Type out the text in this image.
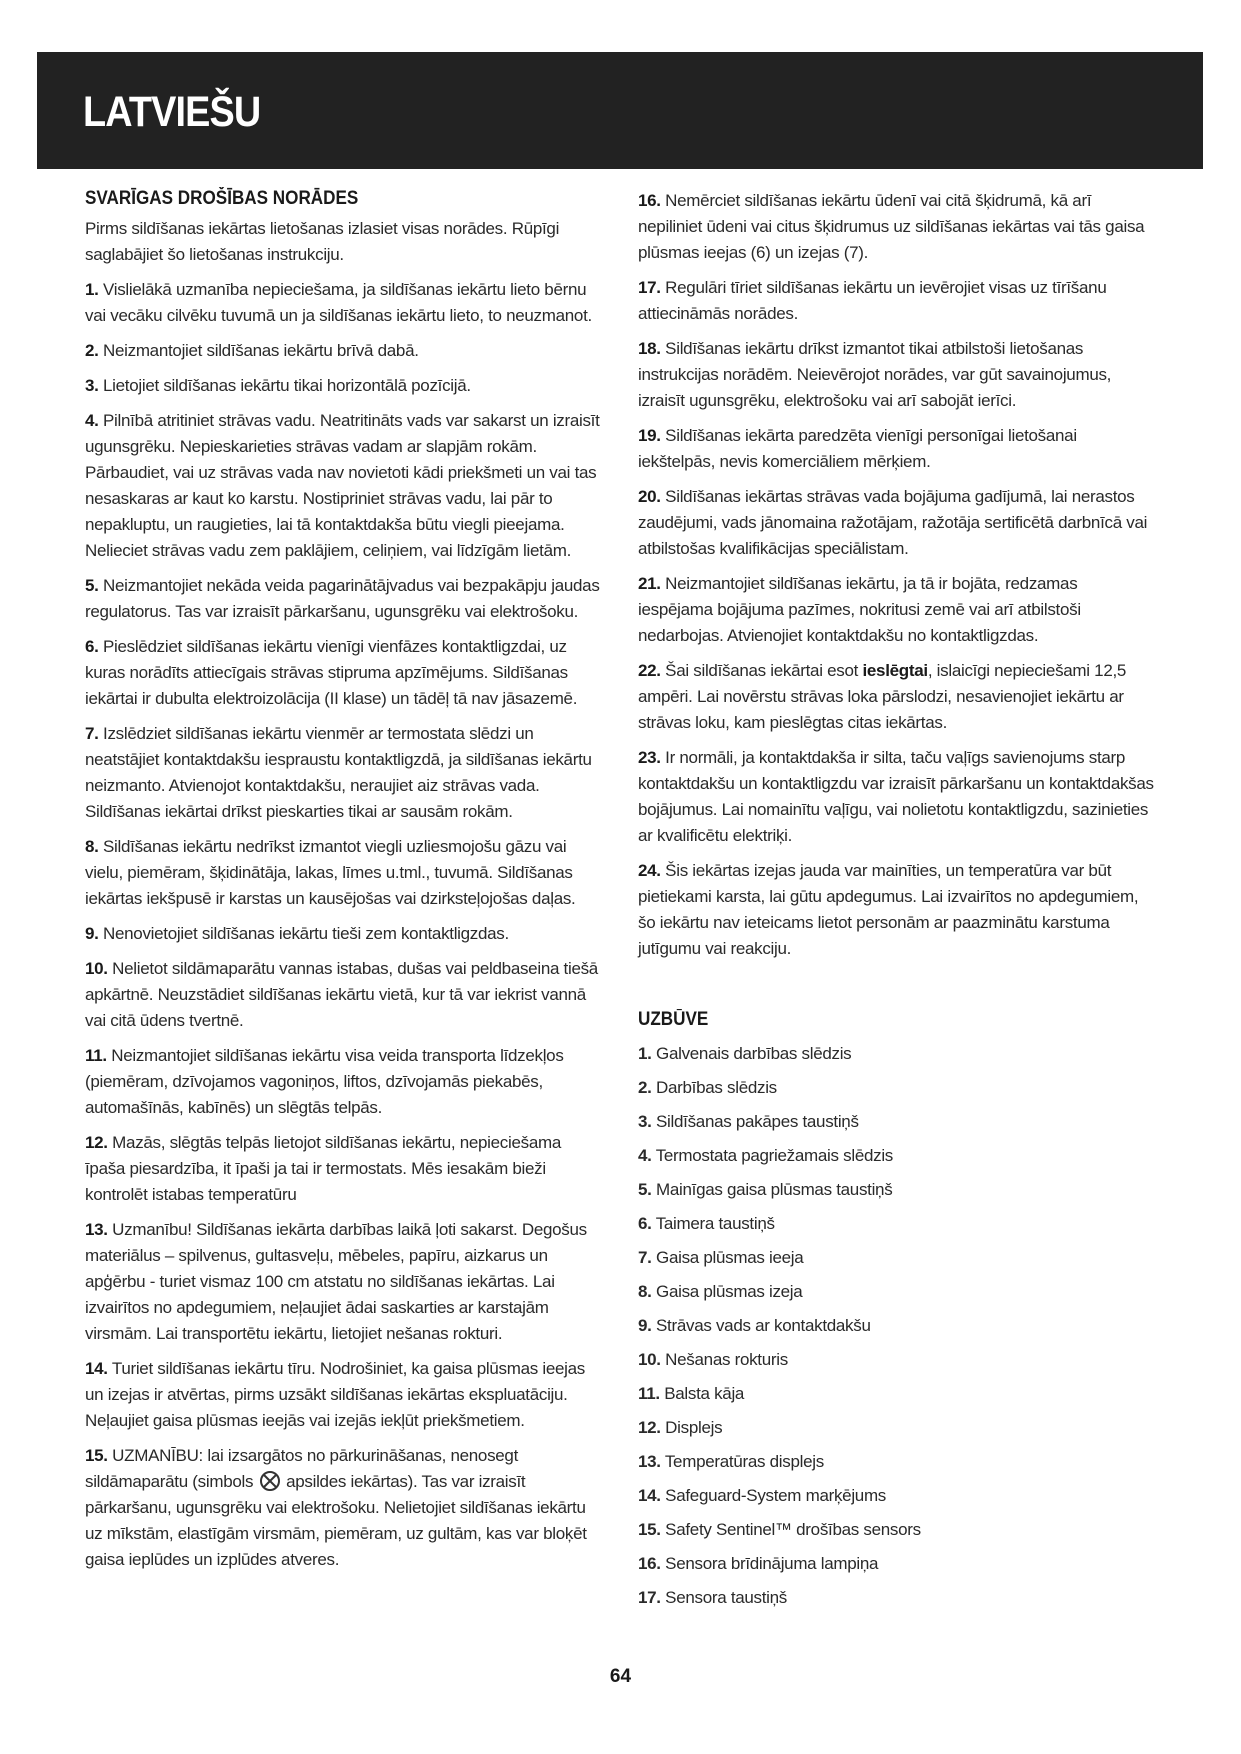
LATVIEŠU
SVARĪGAS DROŠĪBAS NORĀDES

Pirms sildīšanas iekārtas lietošanas izlasiet visas norādes. Rūpīgi saglabājiet šo lietošanas instrukciju.

1. Vislielākā uzmanība nepieciešama, ja sildīšanas iekārtu lieto bērnu vai vecāku cilvēku tuvumā un ja sildīšanas iekārtu lieto, to neuzmanot.

2. Neizmantojiet sildīšanas iekārtu brīvā dabā.

3. Lietojiet sildīšanas iekārtu tikai horizontālā pozīcijā.

4. Pilnībā atritiniet strāvas vadu. Neatritināts vads var sakarst un izraisīt ugunsgrēku. Nepieskarieties strāvas vadam ar slapjām rokām. Pārbaudiet, vai uz strāvas vada nav novietoti kādi priekšmeti un vai tas nesaskaras ar kaut ko karstu. Nostipriniet strāvas vadu, lai pār to nepakluptu, un raugieties, lai tā kontaktdakša būtu viegli pieejama. Nelieciet strāvas vadu zem paklājiem, celiņiem, vai līdzīgām lietām.

5. Neizmantojiet nekāda veida pagarinātājvadus vai bezpakāpju jaudas regulatorus. Tas var izraisīt pārkaršanu, ugunsgrēku vai elektrošoku.

6. Pieslēdziet sildīšanas iekārtu vienīgi vienfāzes kontaktligzdai, uz kuras norādīts attiecīgais strāvas stipruma apzīmējums. Sildīšanas iekārtai ir dubulta elektroizolācija (II klase) un tādēļ tā nav jāsazemē.

7. Izslēdziet sildīšanas iekārtu vienmēr ar termostata slēdzi un neatstājiet kontaktdakšu iespraustu kontaktligzdā, ja sildīšanas iekārtu neizmanto. Atvienojot kontaktdakšu, neraujiet aiz strāvas vada. Sildīšanas iekārtai drīkst pieskarties tikai ar sausām rokām.

8. Sildīšanas iekārtu nedrīkst izmantot viegli uzliesmojošu gāzu vai vielu, piemēram, šķidinātāja, lakas, līmes u.tml., tuvumā. Sildīšanas iekārtas iekšpusē ir karstas un kausējošas vai dzirksteļojošas daļas.

9. Nenovietojiet sildīšanas iekārtu tieši zem kontaktligzdas.

10. Nelietot sildāmaparātu vannas istabas, dušas vai peldbaseina tiešā apkārtnē. Neuzstādiet sildīšanas iekārtu vietā, kur tā var iekrist vannā vai citā ūdens tvertnē.

11. Neizmantojiet sildīšanas iekārtu visa veida transporta līdzekļos (piemēram, dzīvojamos vagoniņos, liftos, dzīvojamās piekabēs, automašīnās, kabīnēs) un slēgtās telpās.

12. Mazās, slēgtās telpās lietojot sildīšanas iekārtu, nepieciešama īpaša piesardzība, it īpaši ja tai ir termostats. Mēs iesakām bieži kontrolēt istabas temperatūru

13. Uzmanību! Sildīšanas iekārta darbības laikā ļoti sakarst. Degošus materiālus – spilvenus, gultasveļu, mēbeles, papīru, aizkarus un apģērbu - turiet vismaz 100 cm atstatu no sildīšanas iekārtas. Lai izvairītos no apdegumiem, neļaujiet ādai saskarties ar karstajām virsmām. Lai transportētu iekārtu, lietojiet nešanas rokturi.

14. Turiet sildīšanas iekārtu tīru. Nodrošiniet, ka gaisa plūsmas ieejas un izejas ir atvērtas, pirms uzsākt sildīšanas iekārtas ekspluatāciju. Neļaujiet gaisa plūsmas ieejās vai izejās iekļūt priekšmetiem.

15. UZMANĪBU: lai izsargātos no pārkurināšanas, nenosegt sildāmaparātu (simbols apsildes iekārtas). Tas var izraisīt pārkaršanu, ugunsgrēku vai elektrošoku. Nelietojiet sildīšanas iekārtu uz mīkstām, elastīgām virsmām, piemēram, uz gultām, kas var bloķēt gaisa ieplūdes un izplūdes atveres.

16. Nemērciet sildīšanas iekārtu ūdenī vai citā šķidrumā, kā arī nepiliniet ūdeni vai citus šķidrumus uz sildīšanas iekārtas vai tās gaisa plūsmas ieejas (6) un izejas (7).

17. Regulāri tīriet sildīšanas iekārtu un ievērojiet visas uz tīrīšanu attiecināmās norādes.

18. Sildīšanas iekārtu drīkst izmantot tikai atbilstoši lietošanas instrukcijas norādēm. Neievērojot norādes, var gūt savainojumus, izraisīt ugunsgrēku, elektrošoku vai arī sabojāt ierīci.

19. Sildīšanas iekārta paredzēta vienīgi personīgai lietošanai iekštelpās, nevis komerciāliem mērķiem.

20. Sildīšanas iekārtas strāvas vada bojājuma gadījumā, lai nerastos zaudējumi, vads jānomaina ražotājam, ražotāja sertificētā darbnīcā vai atbilstošas kvalifikācijas speciālistam.

21. Neizmantojiet sildīšanas iekārtu, ja tā ir bojāta, redzamas iespējama bojājuma pazīmes, nokritusi zemē vai arī atbilstoši nedarbojas. Atvienojiet kontaktdakšu no kontaktligzdas.

22. Šai sildīšanas iekārtai esot ieslēgtai, islaicīgi nepieciešami 12,5 ampēri. Lai novērstu strāvas loka pārslodzi, nesavienojiet iekārtu ar strāvas loku, kam pieslēgtas citas iekārtas.

23. Ir normāli, ja kontaktdakša ir silta, taču vaļīgs savienojums starp kontaktdakšu un kontaktligzdu var izraisīt pārkaršanu un kontaktdakšas bojājumus. Lai nomainītu vaļīgu, vai nolietotu kontaktligzdu, sazinieties ar kvalificētu elektriķi.

24. Šis iekārtas izejas jauda var mainīties, un temperatūra var būt pietiekami karsta, lai gūtu apdegumus. Lai izvairītos no apdegumiem, šo iekārtu nav ieteicams lietot personām ar paazminātu karstuma jutīgumu vai reakciju.

UZBŪVE

1. Galvenais darbības slēdzis

2. Darbības slēdzis

3. Sildīšanas pakāpes taustiņš

4. Termostata pagriežamais slēdzis

5. Mainīgas gaisa plūsmas taustiņš

6. Taimera taustiņš

7. Gaisa plūsmas ieeja

8. Gaisa plūsmas izeja

9. Strāvas vads ar kontaktdakšu

10. Nešanas rokturis

11. Balsta kāja

12. Displejs

13. Temperatūras displejs

14. Safeguard-System marķējums

15. Safety Sentinel™ drošības sensors

16. Sensora brīdinājuma lampiņa

17. Sensora taustiņš

64
